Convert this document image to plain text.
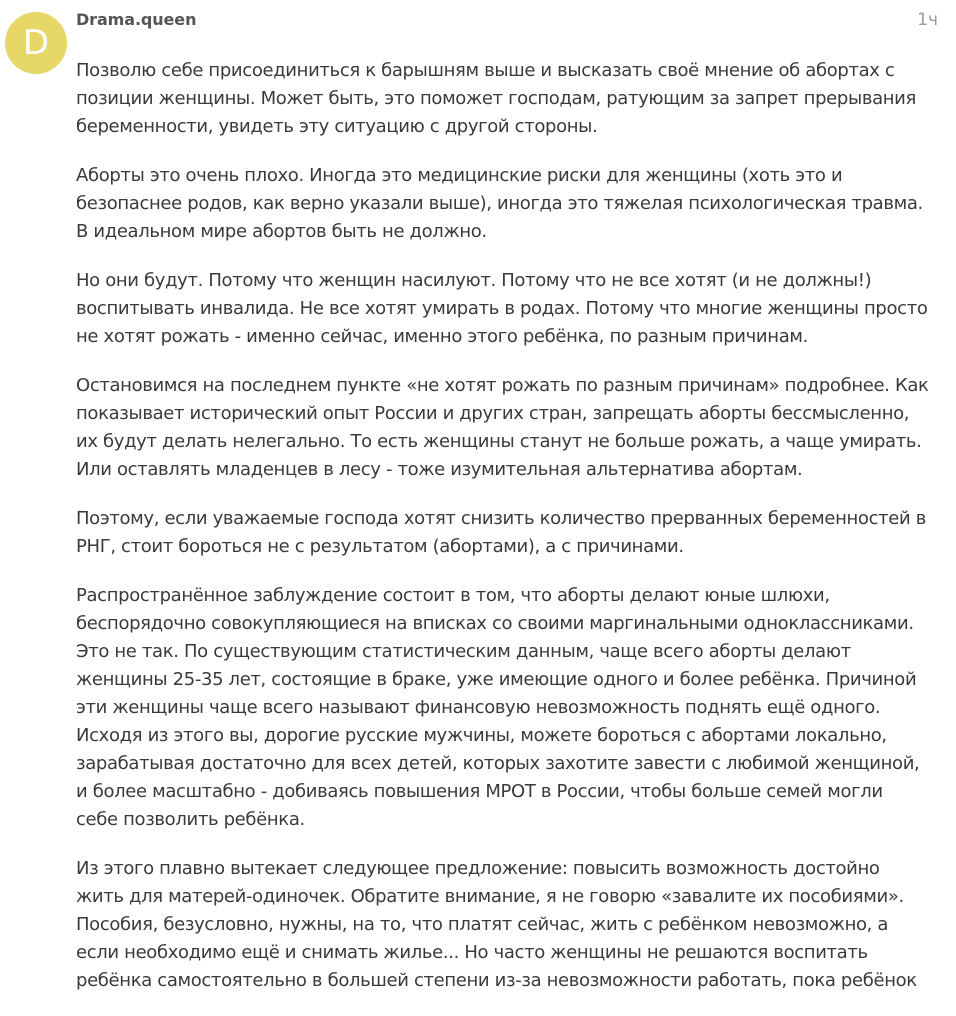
D
Drama.queen	1ч

Позволю себе присоединиться к барышням выше и высказать своё мнение об абортах с
позиции женщины. Может быть, это поможет господам, ратующим за запрет прерывания
беременности, увидеть эту ситуацию с другой стороны.

Аборты это очень плохо. Иногда это медицинские риски для женщины (хоть это и
безопаснее родов, как верно указали выше), иногда это тяжелая психологическая травма.
В идеальном мире абортов быть не должно.

Но они будут. Потому что женщин насилуют. Потому что не все хотят (и не должны!)
воспитывать инвалида. Не все хотят умирать в родах. Потому что многие женщины просто
не хотят рожать - именно сейчас, именно этого ребёнка, по разным причинам.

Остановимся на последнем пункте «не хотят рожать по разным причинам» подробнее. Как
показывает исторический опыт России и других стран, запрещать аборты бессмысленно,
их будут делать нелегально. То есть женщины станут не больше рожать, а чаще умирать.
Или оставлять младенцев в лесу - тоже изумительная альтернатива абортам.

Поэтому, если уважаемые господа хотят снизить количество прерванных беременностей в
РНГ, стоит бороться не с результатом (абортами), а с причинами.

Распространённое заблуждение состоит в том, что аборты делают юные шлюхи,
беспорядочно совокупляющиеся на вписках со своими маргинальными одноклассниками.
Это не так. По существующим статистическим данным, чаще всего аборты делают
женщины 25-35 лет, состоящие в браке, уже имеющие одного и более ребёнка. Причиной
эти женщины чаще всего называют финансовую невозможность поднять ещё одного.
Исходя из этого вы, дорогие русские мужчины, можете бороться с абортами локально,
зарабатывая достаточно для всех детей, которых захотите завести с любимой женщиной,
и более масштабно - добиваясь повышения МРОТ в России, чтобы больше семей могли
себе позволить ребёнка.

Из этого плавно вытекает следующее предложение: повысить возможность достойно
жить для матерей-одиночек. Обратите внимание, я не говорю «завалите их пособиями».
Пособия, безусловно, нужны, на то, что платят сейчас, жить с ребёнком невозможно, а
если необходимо ещё и снимать жилье... Но часто женщины не решаются воспитать
ребёнка самостоятельно в большей степени из-за невозможности работать, пока ребёнок
